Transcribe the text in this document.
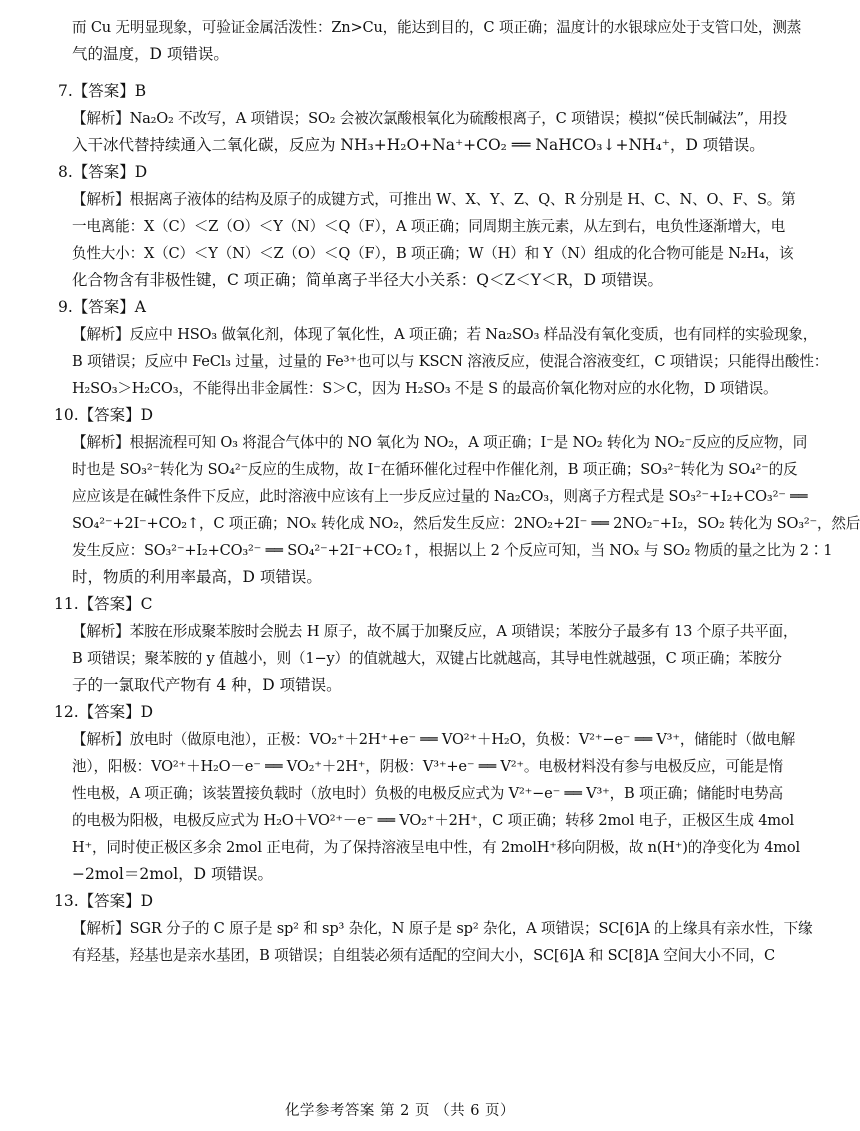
而 Cu 无明显现象，可验证金属活泼性：Zn>Cu，能达到目的，C 项正确；温度计的水银球应处于支管口处，测蒸
气的温度，D 项错误。
7.【答案】B
【解析】Na₂O₂ 不改写，A 项错误；SO₂ 会被次氯酸根氧化为硫酸根离子，C 项错误；模拟“侯氏制碱法”，用投
入干冰代替持续通入二氧化碳，反应为 NH₃+H₂O+Na⁺+CO₂ ══ NaHCO₃↓+NH₄⁺，D 项错误。
8.【答案】D
【解析】根据离子液体的结构及原子的成键方式，可推出 W、X、Y、Z、Q、R 分别是 H、C、N、O、F、S。第
一电离能：X（C）＜Z（O）＜Y（N）＜Q（F），A 项正确；同周期主族元素，从左到右，电负性逐渐增大，电
负性大小：X（C）＜Y（N）＜Z（O）＜Q（F），B 项正确；W（H）和 Y（N）组成的化合物可能是 N₂H₄，该
化合物含有非极性键，C 项正确；简单离子半径大小关系：Q＜Z＜Y＜R，D 项错误。
9.【答案】A
【解析】反应中 HSO₃ 做氧化剂，体现了氧化性，A 项正确；若 Na₂SO₃ 样品没有氧化变质，也有同样的实验现象，
B 项错误；反应中 FeCl₃ 过量，过量的 Fe³⁺也可以与 KSCN 溶液反应，使混合溶液变红，C 项错误；只能得出酸性：
H₂SO₃＞H₂CO₃，不能得出非金属性：S＞C，因为 H₂SO₃ 不是 S 的最高价氧化物对应的水化物，D 项错误。
10.【答案】D
【解析】根据流程可知 O₃ 将混合气体中的 NO 氧化为 NO₂，A 项正确；I⁻是 NO₂ 转化为 NO₂⁻反应的反应物，同
时也是 SO₃²⁻转化为 SO₄²⁻反应的生成物，故 I⁻在循环催化过程中作催化剂，B 项正确；SO₃²⁻转化为 SO₄²⁻的反
应应该是在碱性条件下反应，此时溶液中应该有上一步反应过量的 Na₂CO₃，则离子方程式是 SO₃²⁻+I₂+CO₃²⁻ ══
SO₄²⁻+2I⁻+CO₂↑，C 项正确；NOₓ 转化成 NO₂，然后发生反应：2NO₂+2I⁻ ══ 2NO₂⁻+I₂，SO₂ 转化为 SO₃²⁻，然后
发生反应：SO₃²⁻+I₂+CO₃²⁻ ══ SO₄²⁻+2I⁻+CO₂↑，根据以上 2 个反应可知，当 NOₓ 与 SO₂ 物质的量之比为 2∶1
时，物质的利用率最高，D 项错误。
11.【答案】C
【解析】苯胺在形成聚苯胺时会脱去 H 原子，故不属于加聚反应，A 项错误；苯胺分子最多有 13 个原子共平面，
B 项错误；聚苯胺的 y 值越小，则（1−y）的值就越大，双键占比就越高，其导电性就越强，C 项正确；苯胺分
子的一氯取代产物有 4 种，D 项错误。
12.【答案】D
【解析】放电时（做原电池），正极：VO₂⁺＋2H⁺+e⁻ ══ VO²⁺＋H₂O，负极：V²⁺−e⁻ ══ V³⁺，储能时（做电解
池），阳极：VO²⁺＋H₂O－e⁻ ══ VO₂⁺＋2H⁺，阴极：V³⁺+e⁻ ══ V²⁺。电极材料没有参与电极反应，可能是惰
性电极，A 项正确；该装置接负载时（放电时）负极的电极反应式为 V²⁺−e⁻ ══ V³⁺，B 项正确；储能时电势高
的电极为阳极，电极反应式为 H₂O＋VO²⁺－e⁻ ══ VO₂⁺＋2H⁺，C 项正确；转移 2mol 电子，正极区生成 4mol
H⁺，同时使正极区多余 2mol 正电荷，为了保持溶液呈电中性，有 2molH⁺移向阴极，故 n(H⁺)的净变化为 4mol
−2mol＝2mol，D 项错误。
13.【答案】D
【解析】SGR 分子的 C 原子是 sp² 和 sp³ 杂化，N 原子是 sp² 杂化，A 项错误；SC[6]A 的上缘具有亲水性，下缘
有羟基，羟基也是亲水基团，B 项错误；自组装必须有适配的空间大小，SC[6]A 和 SC[8]A 空间大小不同，C
化学参考答案 第 2 页 （共 6 页）
